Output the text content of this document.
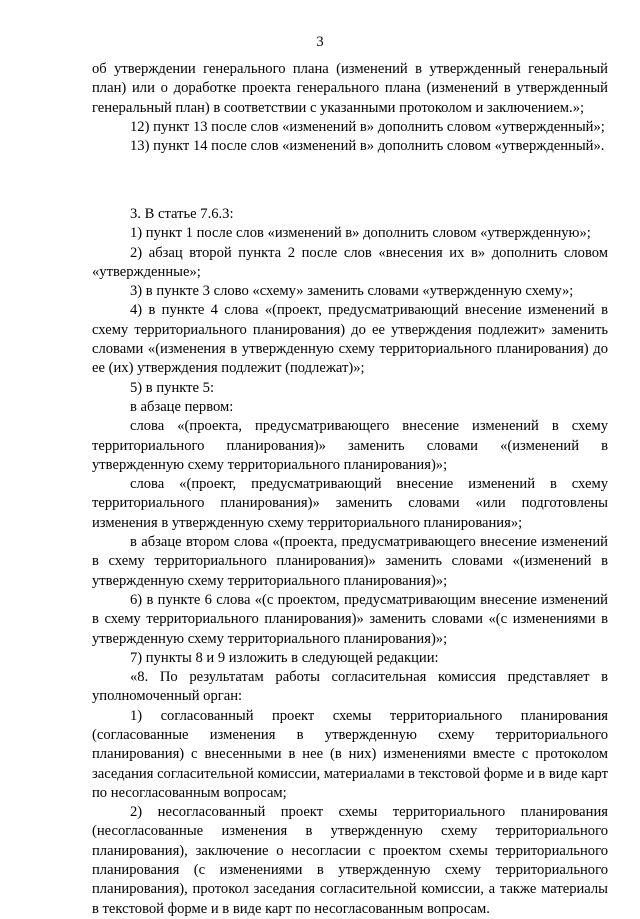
3

об утверждении генерального плана (изменений в утвержденный генеральный план) или о доработке проекта генерального плана (изменений в утвержденный генеральный план) в соответствии с указанными протоколом и заключением.»;

12) пункт 13 после слов «изменений в» дополнить словом «утвержденный»;

13) пункт 14 после слов «изменений в» дополнить словом «утвержденный».

3. В статье 7.6.3:

1) пункт 1 после слов «изменений в» дополнить словом «утвержденную»;

2) абзац второй пункта 2 после слов «внесения их в» дополнить словом «утвержденные»;

3) в пункте 3 слово «схему» заменить словами «утвержденную схему»;

4) в пункте 4 слова «(проект, предусматривающий внесение изменений в схему территориального планирования) до ее утверждения подлежит» заменить словами «(изменения в утвержденную схему территориального планирования) до ее (их) утверждения подлежит (подлежат)»;

5) в пункте 5:

в абзаце первом:

слова «(проекта, предусматривающего внесение изменений в схему территориального планирования)» заменить словами «(изменений в утвержденную схему территориального планирования)»;

слова «(проект, предусматривающий внесение изменений в схему территориального планирования)» заменить словами «или подготовлены изменения в утвержденную схему территориального планирования»;

в абзаце втором слова «(проекта, предусматривающего внесение изменений в схему территориального планирования)» заменить словами «(изменений в утвержденную схему территориального планирования)»;

6) в пункте 6 слова «(с проектом, предусматривающим внесение изменений в схему территориального планирования)» заменить словами «(с изменениями в утвержденную схему территориального планирования)»;

7) пункты 8 и 9 изложить в следующей редакции:

«8. По результатам работы согласительная комиссия представляет в уполномоченный орган:

1) согласованный проект схемы территориального планирования (согласованные изменения в утвержденную схему территориального планирования) с внесенными в нее (в них) изменениями вместе с протоколом заседания согласительной комиссии, материалами в текстовой форме и в виде карт по несогласованным вопросам;

2) несогласованный проект схемы территориального планирования (несогласованные изменения в утвержденную схему территориального планирования), заключение о несогласии с проектом схемы территориального планирования (с изменениями в утвержденную схему территориального планирования), протокол заседания согласительной комиссии, а также материалы в текстовой форме и в виде карт по несогласованным вопросам.
